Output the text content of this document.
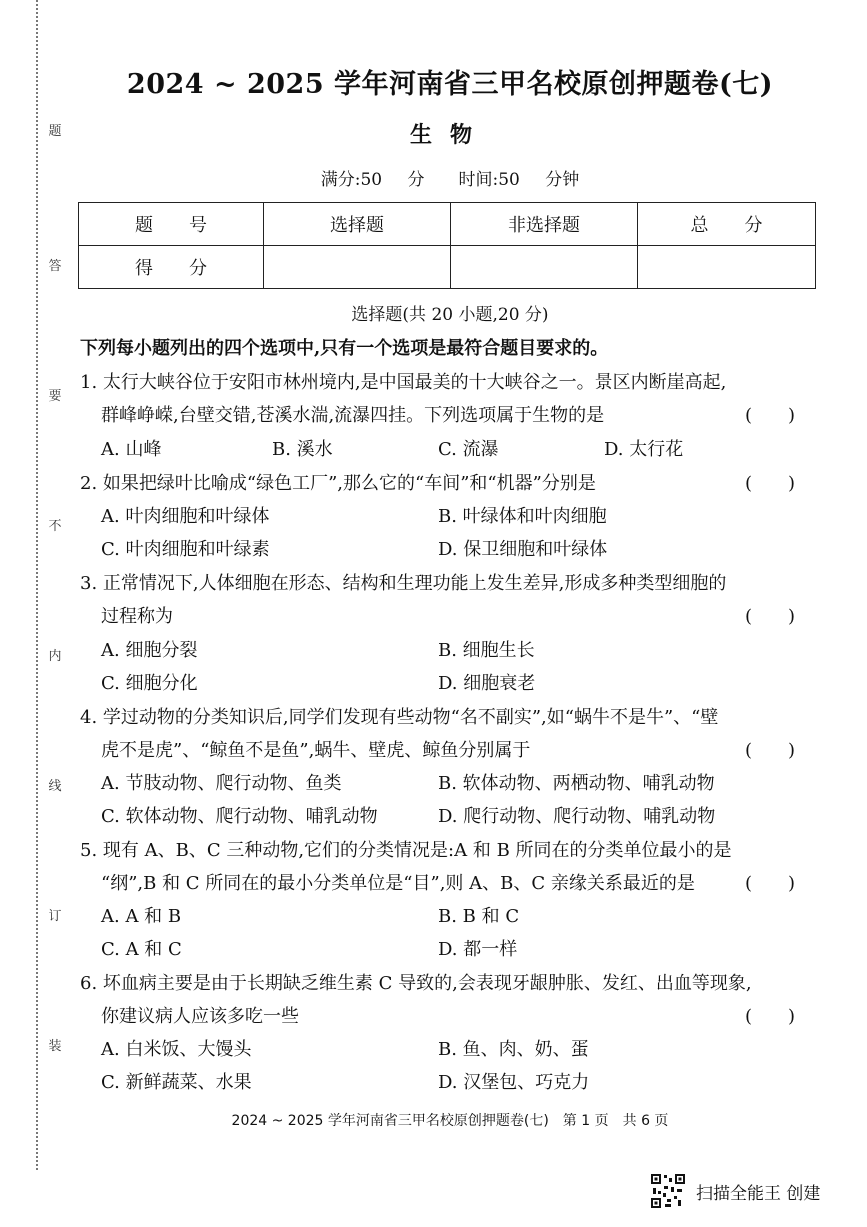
题
答
要
不
内
线
订
装
2024 ~ 2025 学年河南省三甲名校原创押题卷(七)
生物
满分:50 分　　时间:50 分钟
题　　号	选择题	非选择题	总　　分
得　　分			
选择题(共 20 小题,20 分)
下列每小题列出的四个选项中,只有一个选项是最符合题目要求的。
1. 太行大峡谷位于安阳市林州境内,是中国最美的十大峡谷之一。景区内断崖高起,
群峰峥嵘,台壁交错,苍溪水湍,流瀑四挂。下列选项属于生物的是	(　　)
A. 山峰	B. 溪水	C. 流瀑	D. 太行花
2. 如果把绿叶比喻成“绿色工厂”,那么它的“车间”和“机器”分别是	(　　)
A. 叶肉细胞和叶绿体	B. 叶绿体和叶肉细胞
C. 叶肉细胞和叶绿素	D. 保卫细胞和叶绿体
3. 正常情况下,人体细胞在形态、结构和生理功能上发生差异,形成多种类型细胞的
过程称为	(　　)
A. 细胞分裂	B. 细胞生长
C. 细胞分化	D. 细胞衰老
4. 学过动物的分类知识后,同学们发现有些动物“名不副实”,如“蜗牛不是牛”、“壁
虎不是虎”、“鲸鱼不是鱼”,蜗牛、壁虎、鲸鱼分别属于	(　　)
A. 节肢动物、爬行动物、鱼类	B. 软体动物、两栖动物、哺乳动物
C. 软体动物、爬行动物、哺乳动物	D. 爬行动物、爬行动物、哺乳动物
5. 现有 A、B、C 三种动物,它们的分类情况是:A 和 B 所同在的分类单位最小的是
“纲”,B 和 C 所同在的最小分类单位是“目”,则 A、B、C 亲缘关系最近的是	(　　)
A. A 和 B	B. B 和 C
C. A 和 C	D. 都一样
6. 坏血病主要是由于长期缺乏维生素 C 导致的,会表现牙龈肿胀、发红、出血等现象,
你建议病人应该多吃一些	(　　)
A. 白米饭、大馒头	B. 鱼、肉、奶、蛋
C. 新鲜蔬菜、水果	D. 汉堡包、巧克力
2024 ~ 2025 学年河南省三甲名校原创押题卷(七)　第 1 页　共 6 页
扫描全能王 创建
